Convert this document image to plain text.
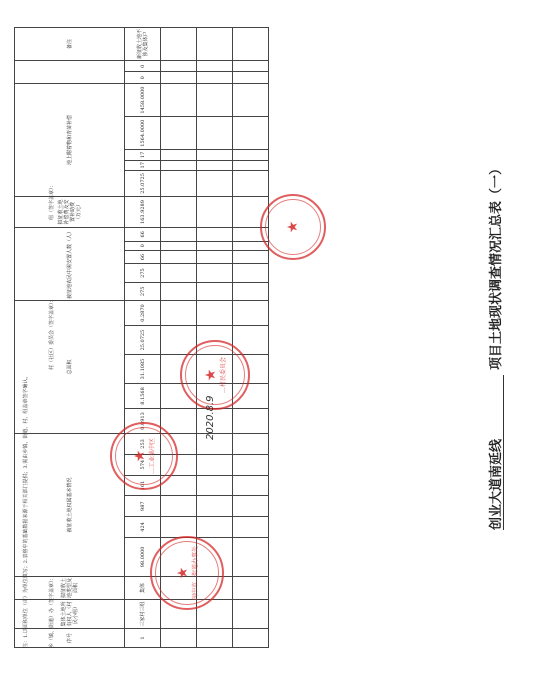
创业大道南延线
项目土地现状调查情况汇总表（一）
序号	集体土地所有权人（村民小组）	拟征收土地类型及面积	被征收土地权属基本情况						总面积					被征地农民中需安置人数（人）					拟征收土地补偿费及安置补助费（万元）	地上附着物和青苗补偿							备注
1	三家村三组	集体	98.0000	424	987	161	574	253	0.0913	8.1568	31.1085	25.0725	0.2870	275	275	66	0	66	163.9289	25.0725	17	17	1564.0000	1458.0000	0	0	新征收土地不涉及集体户

乡（镇、街道）办（签字盖章）：
村（社区）委员会（签字盖章）：
组（签字盖章）：
注：1.以面积单位（亩）为单位填写；2.表格中的基础数据来源于相关部门提供；3.需由乡镇、街道、村、组盖章签字确认。	★ 阆中市…街道办事处
★ …村民委员会
★ …工业集中区
★
2020.8.9
